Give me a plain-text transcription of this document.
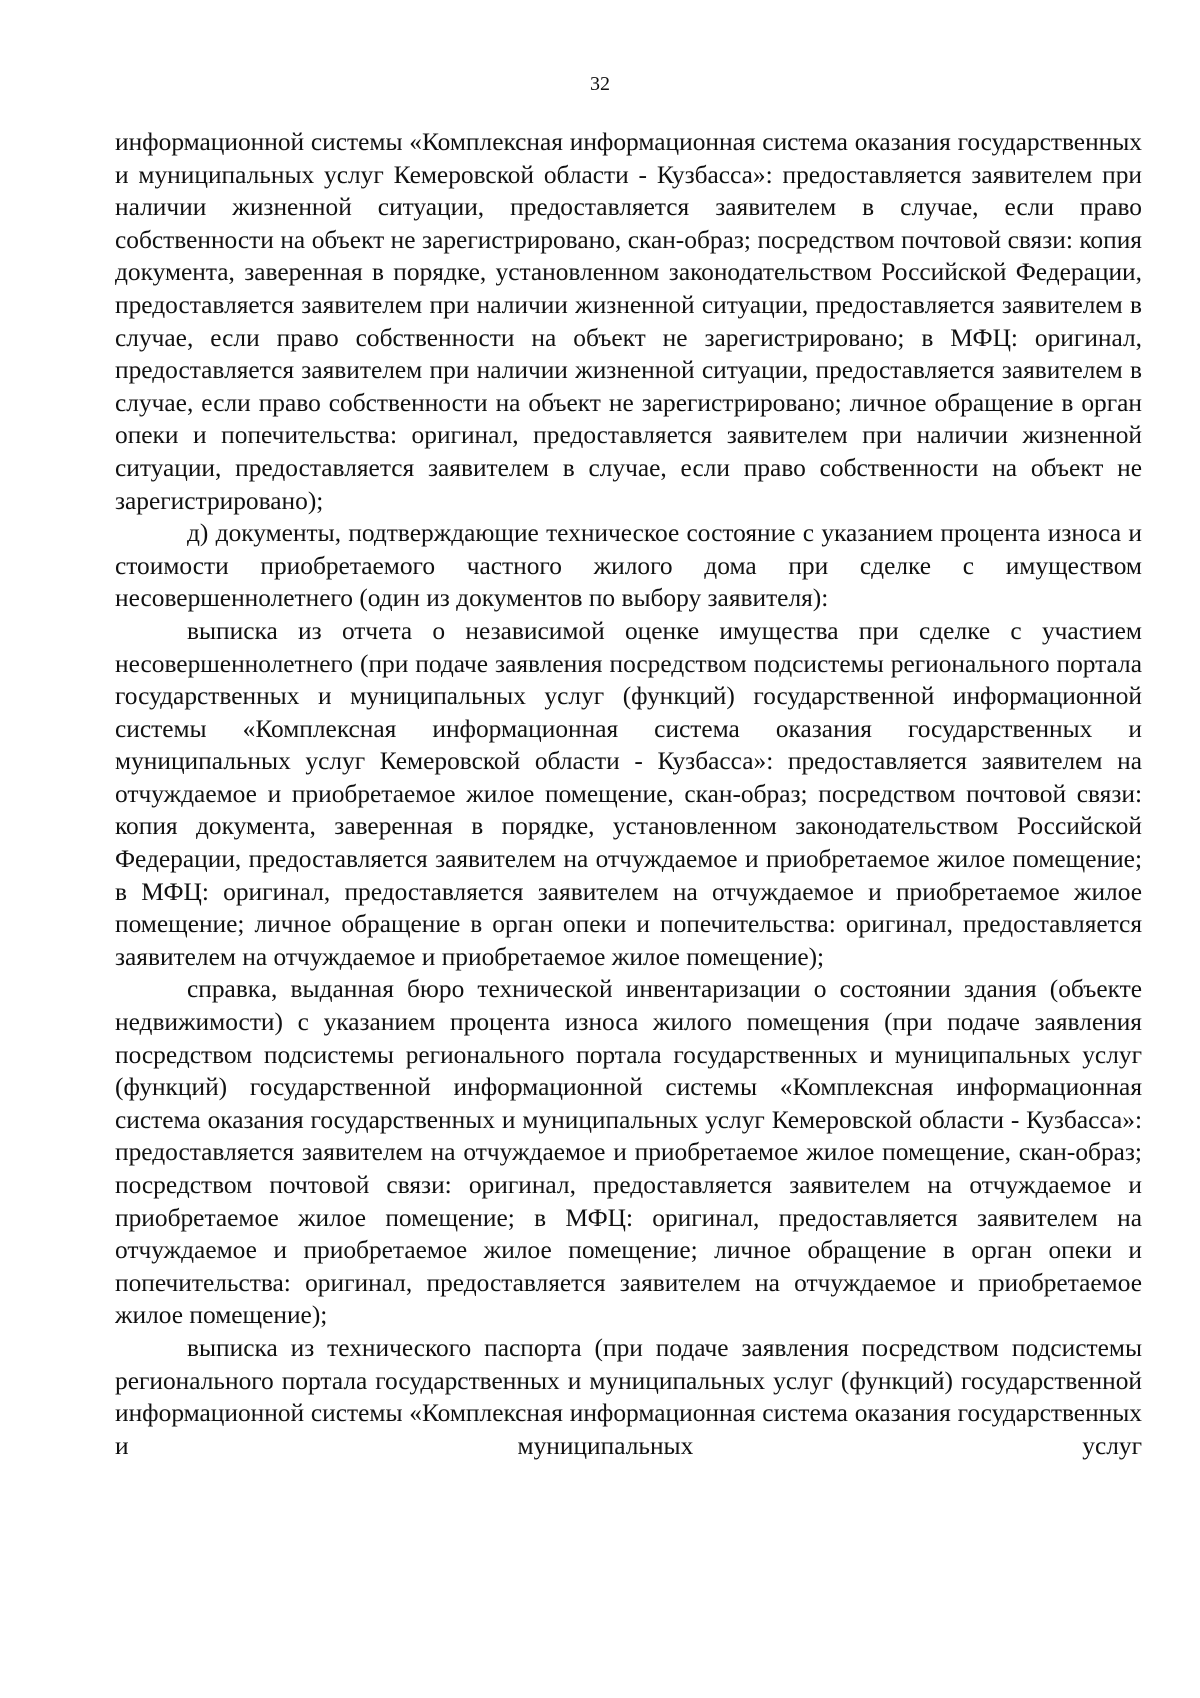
32

информационной системы «Комплексная информационная система оказания государственных и муниципальных услуг Кемеровской области - Кузбасса»: предоставляется заявителем при наличии жизненной ситуации, предоставляется заявителем в случае, если право собственности на объект не зарегистрировано, скан-образ; посредством почтовой связи: копия документа, заверенная в порядке, установленном законодательством Российской Федерации, предоставляется заявителем при наличии жизненной ситуации, предоставляется заявителем в случае, если право собственности на объект не зарегистрировано; в МФЦ: оригинал, предоставляется заявителем при наличии жизненной ситуации, предоставляется заявителем в случае, если право собственности на объект не зарегистрировано; личное обращение в орган опеки и попечительства: оригинал, предоставляется заявителем при наличии жизненной ситуации, предоставляется заявителем в случае, если право собственности на объект не зарегистрировано);

д) документы, подтверждающие техническое состояние с указанием процента износа и стоимости приобретаемого частного жилого дома при сделке с имуществом несовершеннолетнего (один из документов по выбору заявителя):

выписка из отчета о независимой оценке имущества при сделке с участием несовершеннолетнего (при подаче заявления посредством подсистемы регионального портала государственных и муниципальных услуг (функций) государственной информационной системы «Комплексная информационная система оказания государственных и муниципальных услуг Кемеровской области - Кузбасса»: предоставляется заявителем на отчуждаемое и приобретаемое жилое помещение, скан-образ; посредством почтовой связи: копия документа, заверенная в порядке, установленном законодательством Российской Федерации, предоставляется заявителем на отчуждаемое и приобретаемое жилое помещение; в МФЦ: оригинал, предоставляется заявителем на отчуждаемое и приобретаемое жилое помещение; личное обращение в орган опеки и попечительства: оригинал, предоставляется заявителем на отчуждаемое и приобретаемое жилое помещение);

справка, выданная бюро технической инвентаризации о состоянии здания (объекте недвижимости) с указанием процента износа жилого помещения (при подаче заявления посредством подсистемы регионального портала государственных и муниципальных услуг (функций) государственной информационной системы «Комплексная информационная система оказания государственных и муниципальных услуг Кемеровской области - Кузбасса»: предоставляется заявителем на отчуждаемое и приобретаемое жилое помещение, скан-образ; посредством почтовой связи: оригинал, предоставляется заявителем на отчуждаемое и приобретаемое жилое помещение; в МФЦ: оригинал, предоставляется заявителем на отчуждаемое и приобретаемое жилое помещение; личное обращение в орган опеки и попечительства: оригинал, предоставляется заявителем на отчуждаемое и приобретаемое жилое помещение);

выписка из технического паспорта (при подаче заявления посредством подсистемы регионального портала государственных и муниципальных услуг (функций) государственной информационной системы «Комплексная информационная система оказания государственных и муниципальных услуг
